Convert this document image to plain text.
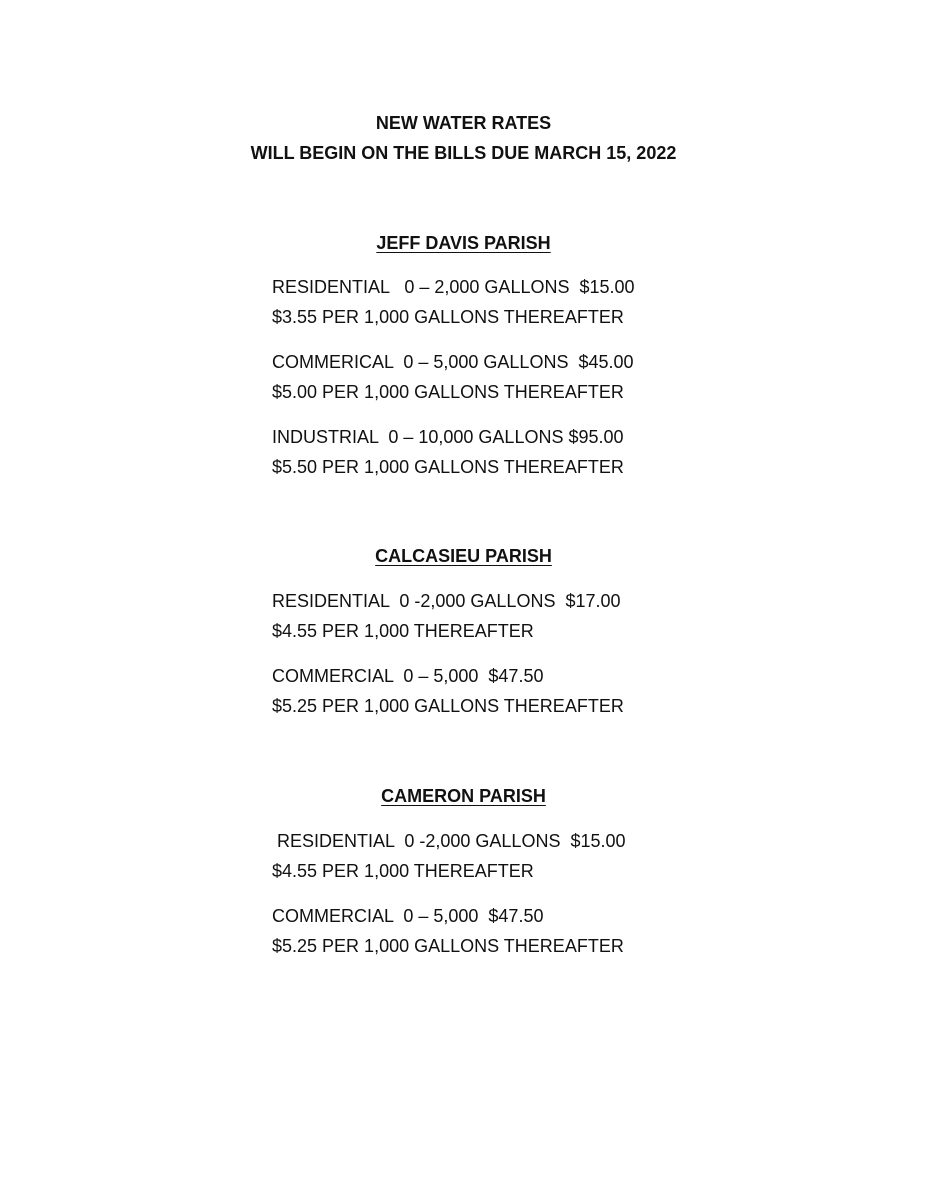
NEW WATER RATES
WILL BEGIN ON THE BILLS DUE MARCH 15, 2022
JEFF DAVIS PARISH
RESIDENTIAL   0 – 2,000 GALLONS  $15.00
$3.55 PER 1,000 GALLONS THEREAFTER
COMMERICAL  0 – 5,000 GALLONS  $45.00
$5.00 PER 1,000 GALLONS THEREAFTER
INDUSTRIAL  0 – 10,000 GALLONS $95.00
$5.50 PER 1,000 GALLONS THEREAFTER
CALCASIEU PARISH
RESIDENTIAL  0 -2,000 GALLONS  $17.00
$4.55 PER 1,000 THEREAFTER
COMMERCIAL  0 – 5,000  $47.50
$5.25 PER 1,000 GALLONS THEREAFTER
CAMERON PARISH
RESIDENTIAL  0 -2,000 GALLONS  $15.00
$4.55 PER 1,000 THEREAFTER
COMMERCIAL  0 – 5,000  $47.50
$5.25 PER 1,000 GALLONS THEREAFTER
